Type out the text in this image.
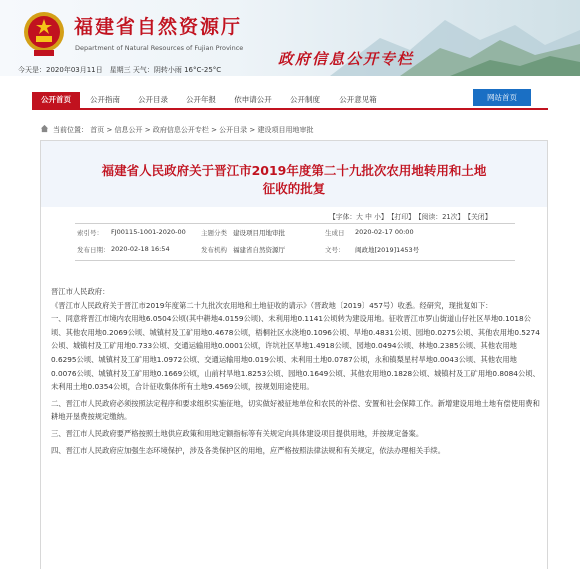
福建省自然资源厅
Department of Natural Resources of Fujian Province
政府信息公开专栏
今天是：2020年03月11日　星期三 天气：阴转小雨 16°C-25°C
公开首页	公开指南	公开目录	公开年报	依申请公开	公开制度	公开意见箱	网站首页
当前位置： 首页 > 信息公开 > 政府信息公开专栏 > 公开目录 > 建设项目用地审批
福建省人民政府关于晋江市2019年度第二十九批次农用地转用和土地
征收的批复
【字体：大 中 小】　【打印】　【阅读：21次】　【关闭】
索引号： FJ00115-1001-2020-00 主题分类 建设项目用地审批	生成日 2020-02-17 00:00
发布日期： 2020-02-18 16:54	发布机构 福建省自然资源厅	文号： 闽政地[2019]1453号

晋江市人民政府：

《晋江市人民政府关于晋江市2019年度第二十九批次农用地和土地征收的请示》（晋政地〔2019〕457号）收悉。经研究，现批复如下：

一、同意将晋江市境内农用地6.0504公顷(其中耕地4.0159公顷)、未利用地0.1141公顷转为建设用地。征收晋江市罗山街道山仔社区旱地0.1018公顷、其他农用地0.2069公顷、城镇村及工矿用地0.4678公顷，梧桐社区水浇地0.1096公顷、旱地0.4831公顷、园地0.0275公顷、其他农用地0.5274公顷、城镇村及工矿用地0.733公顷、交通运输用地0.0001公顷，许坑社区旱地1.4918公顷、园地0.0494公顷、林地0.2385公顷、其他农用地0.6295公顷、城镇村及工矿用地1.0972公顷、交通运输用地0.019公顷、未利用土地0.0787公顷，永和镇梨星村旱地0.0043公顷、其他农用地0.0076公顷、城镇村及工矿用地0.1669公顷，山前村旱地1.8253公顷、园地0.1649公顷、其他农用地0.1828公顷、城镇村及工矿用地0.8084公顷、未利用土地0.0354公顷，合计征收集体所有土地9.4569公顷，按规划用途使用。

二、晋江市人民政府必须按照法定程序和要求组织实施征地，切实做好被征地单位和农民的补偿、安置和社会保障工作。新增建设用地土地有偿使用费和耕地开垦费按规定缴纳。

三、晋江市人民政府要严格按照土地供应政策和用地定额指标等有关规定向具体建设项目提供用地，并按规定备案。

四、晋江市人民政府应加强生态环境保护，涉及各类保护区的用地，应严格按照法律法规和有关规定，依法办理相关手续。
